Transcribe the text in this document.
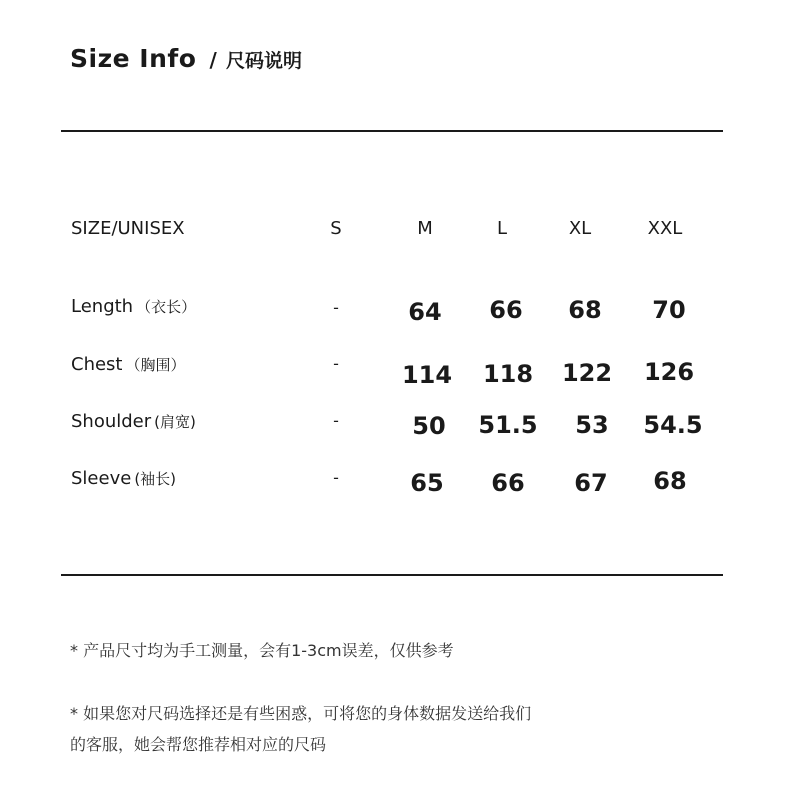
Size Info / 尺码说明
SIZE/UNISEX	S	M	L	XL	XXL
Length （衣长）	-	64	66	68	70
Chest （胸围）	-	114	118	122	126
Shoulder (肩宽)	-	50	51.5	53	54.5
Sleeve (袖长)	-	65	66	67	68
* 产品尺寸均为手工测量，会有1-3cm误差，仅供参考
* 如果您对尺码选择还是有些困惑，可将您的身体数据发送给我们
的客服，她会帮您推荐相对应的尺码
